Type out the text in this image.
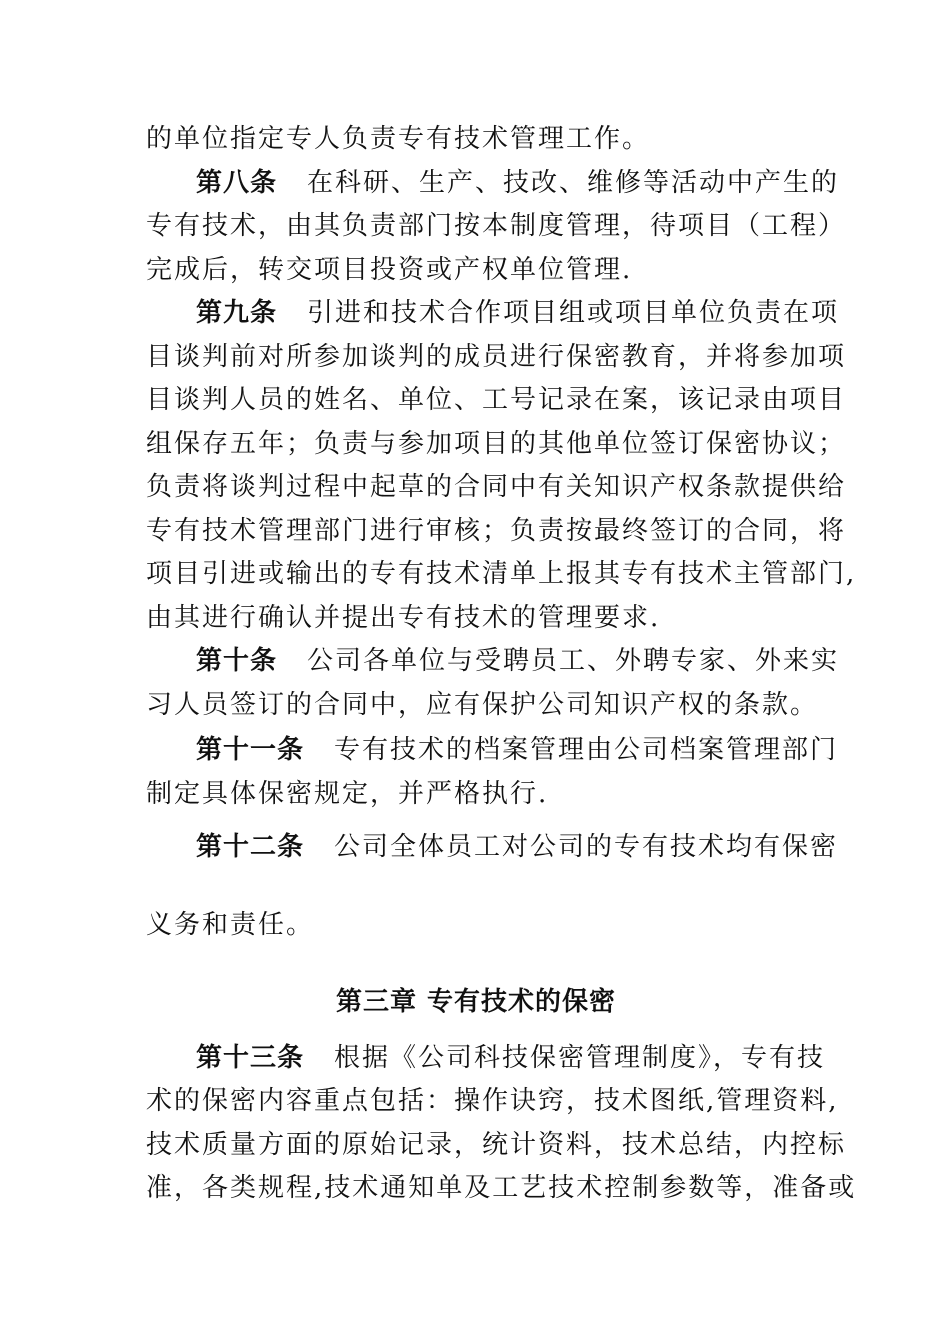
的单位指定专人负责专有技术管理工作。
第八条 在科研、生产、技改、维修等活动中产生的
专有技术，由其负责部门按本制度管理，待项目（工程）
完成后，转交项目投资或产权单位管理.
第九条 引进和技术合作项目组或项目单位负责在项
目谈判前对所参加谈判的成员进行保密教育，并将参加项
目谈判人员的姓名、单位、工号记录在案，该记录由项目
组保存五年；负责与参加项目的其他单位签订保密协议；
负责将谈判过程中起草的合同中有关知识产权条款提供给
专有技术管理部门进行审核；负责按最终签订的合同，将
项目引进或输出的专有技术清单上报其专有技术主管部门,
由其进行确认并提出专有技术的管理要求.
第十条 公司各单位与受聘员工、外聘专家、外来实
习人员签订的合同中，应有保护公司知识产权的条款。
第十一条 专有技术的档案管理由公司档案管理部门
制定具体保密规定，并严格执行.
第十二条 公司全体员工对公司的专有技术均有保密
义务和责任。
第三章 专有技术的保密
第十三条 根据《公司科技保密管理制度》，专有技
术的保密内容重点包括：操作诀窍，技术图纸,管理资料,
技术质量方面的原始记录，统计资料，技术总结，内控标
准，各类规程,技术通知单及工艺技术控制参数等，准备或
